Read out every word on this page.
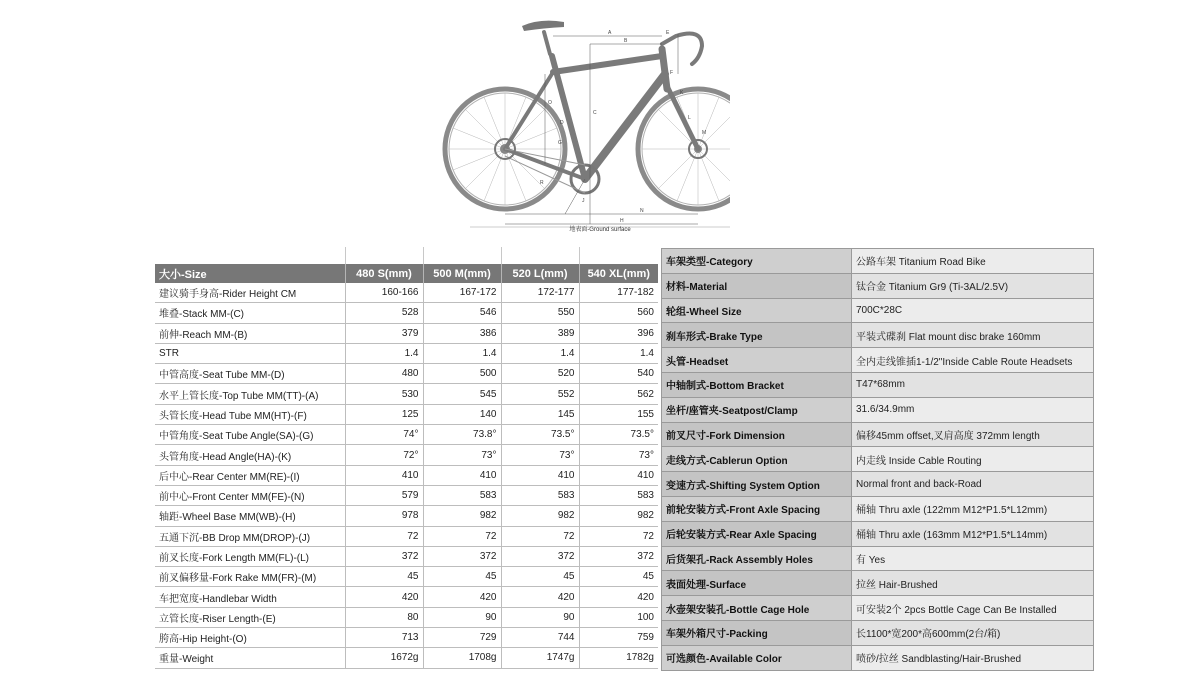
A
B
C
D
E
F
G
H
J
K
L
M
N
O
R
地表面-Ground surface

大小-Size	480 S(mm)	500 M(mm)	520 L(mm)	540 XL(mm)
建议骑手身高-Rider Height CM	160-166	167-172	172-177	177-182
堆叠-Stack MM-(C)	528	546	550	560
前伸-Reach MM-(B)	379	386	389	396
STR	1.4	1.4	1.4	1.4
中管高度-Seat Tube MM-(D)	480	500	520	540
水平上管长度-Top Tube MM(TT)-(A)	530	545	552	562
头管长度-Head Tube MM(HT)-(F)	125	140	145	155
中管角度-Seat Tube Angle(SA)-(G)	74°	73.8°	73.5°	73.5°
头管角度-Head Angle(HA)-(K)	72°	73°	73°	73°
后中心-Rear Center MM(RE)-(I)	410	410	410	410
前中心-Front Center MM(FE)-(N)	579	583	583	583
轴距-Wheel Base MM(WB)-(H)	978	982	982	982
五通下沉-BB Drop MM(DROP)-(J)	72	72	72	72
前叉长度-Fork Length MM(FL)-(L)	372	372	372	372
前叉偏移量-Fork Rake MM(FR)-(M)	45	45	45	45
车把宽度-Handlebar Width	420	420	420	420
立管长度-Riser Length-(E)	80	90	90	100
胯高-Hip Height-(O)	713	729	744	759
重量-Weight	1672g	1708g	1747g	1782g
车架类型-Category	公路车架 Titanium Road Bike
材料-Material	钛合金 Titanium Gr9 (Ti-3AL/2.5V)
轮组-Wheel Size	700C*28C
刹车形式-Brake Type	平装式碟刹 Flat mount disc brake 160mm
头管-Headset	全内走线锥插1-1/2"Inside Cable Route Headsets
中轴制式-Bottom Bracket	T47*68mm
坐杆/座管夹-Seatpost/Clamp	31.6/34.9mm
前叉尺寸-Fork Dimension	偏移45mm offset,叉肩高度 372mm length
走线方式-Cablerun Option	内走线 Inside Cable Routing
变速方式-Shifting System Option	Normal front and back-Road
前轮安装方式-Front Axle Spacing	桶轴 Thru axle (122mm M12*P1.5*L12mm)
后轮安装方式-Rear Axle Spacing	桶轴 Thru axle (163mm M12*P1.5*L14mm)
后货架孔-Rack Assembly Holes	有 Yes
表面处理-Surface	拉丝 Hair-Brushed
水壶架安装孔-Bottle Cage Hole	可安装2个 2pcs Bottle Cage Can Be Installed
车架外箱尺寸-Packing	长1100*宽200*高600mm(2台/箱)
可选颜色-Available Color	喷砂/拉丝 Sandblasting/Hair-Brushed
